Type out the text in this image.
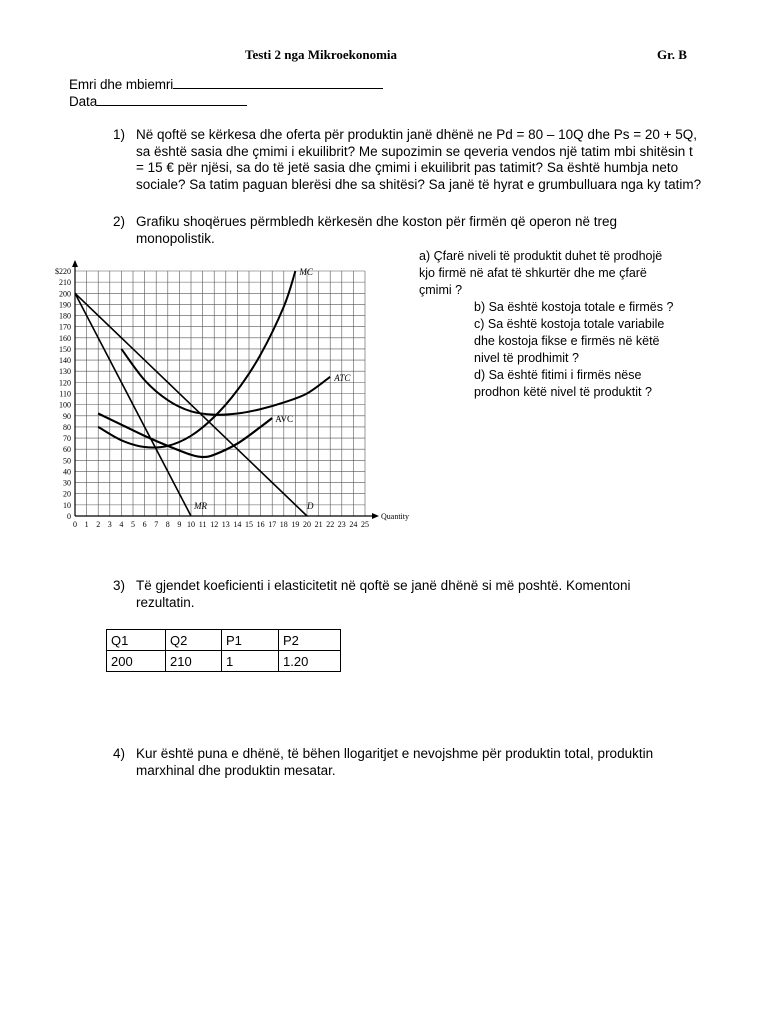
Testi 2 nga Mikroekonomia	Gr. B
Emri dhe mbiemri
Data
1) Në qoftë se kërkesa dhe oferta për produktin janë dhënë ne Pd = 80 – 10Q dhe Ps = 20 + 5Q,
sa është sasia dhe çmimi i ekuilibrit? Me supozimin se qeveria vendos një tatim mbi shitësin t
= 15 € për njësi, sa do të jetë sasia dhe çmimi i ekuilibrit pas tatimit? Sa është humbja neto
sociale? Sa tatim paguan blerësi dhe sa shitësi? Sa janë të hyrat e grumbulluara nga ky tatim?
2) Grafiku shoqërues përmbledh kërkesën dhe koston për firmën që operon në treg
monopolistik.
0 1 2 3 4 5 6 7 8 9 10 11 12 13 14 15 16 17 18 19 20 21 22 23 24 25
0
10
20
30
40
50
60
70
80
90
100
110
120
130
140
150
160
170
180
190
200
210
$220
Quantity
MC
ATC
AVC
D
MR
a) Çfarë niveli të produktit duhet të prodhojë
kjo firmë në afat të shkurtër dhe me çfarë
çmimi ?
b) Sa është kostoja totale e firmës ?
c) Sa është kostoja totale variabile
dhe kostoja fikse e firmës në këtë
nivel të prodhimit ?
d) Sa është fitimi i firmës nëse
prodhon këtë nivel të produktit ?
3) Të gjendet koeficienti i elasticitetit në qoftë se janë dhënë si më poshtë. Komentoni
rezultatin.
Q1	Q2	P1	P2
200	210	1	1.20
4) Kur është puna e dhënë, të bëhen llogaritjet e nevojshme për produktin total, produktin
marxhinal dhe produktin mesatar.
